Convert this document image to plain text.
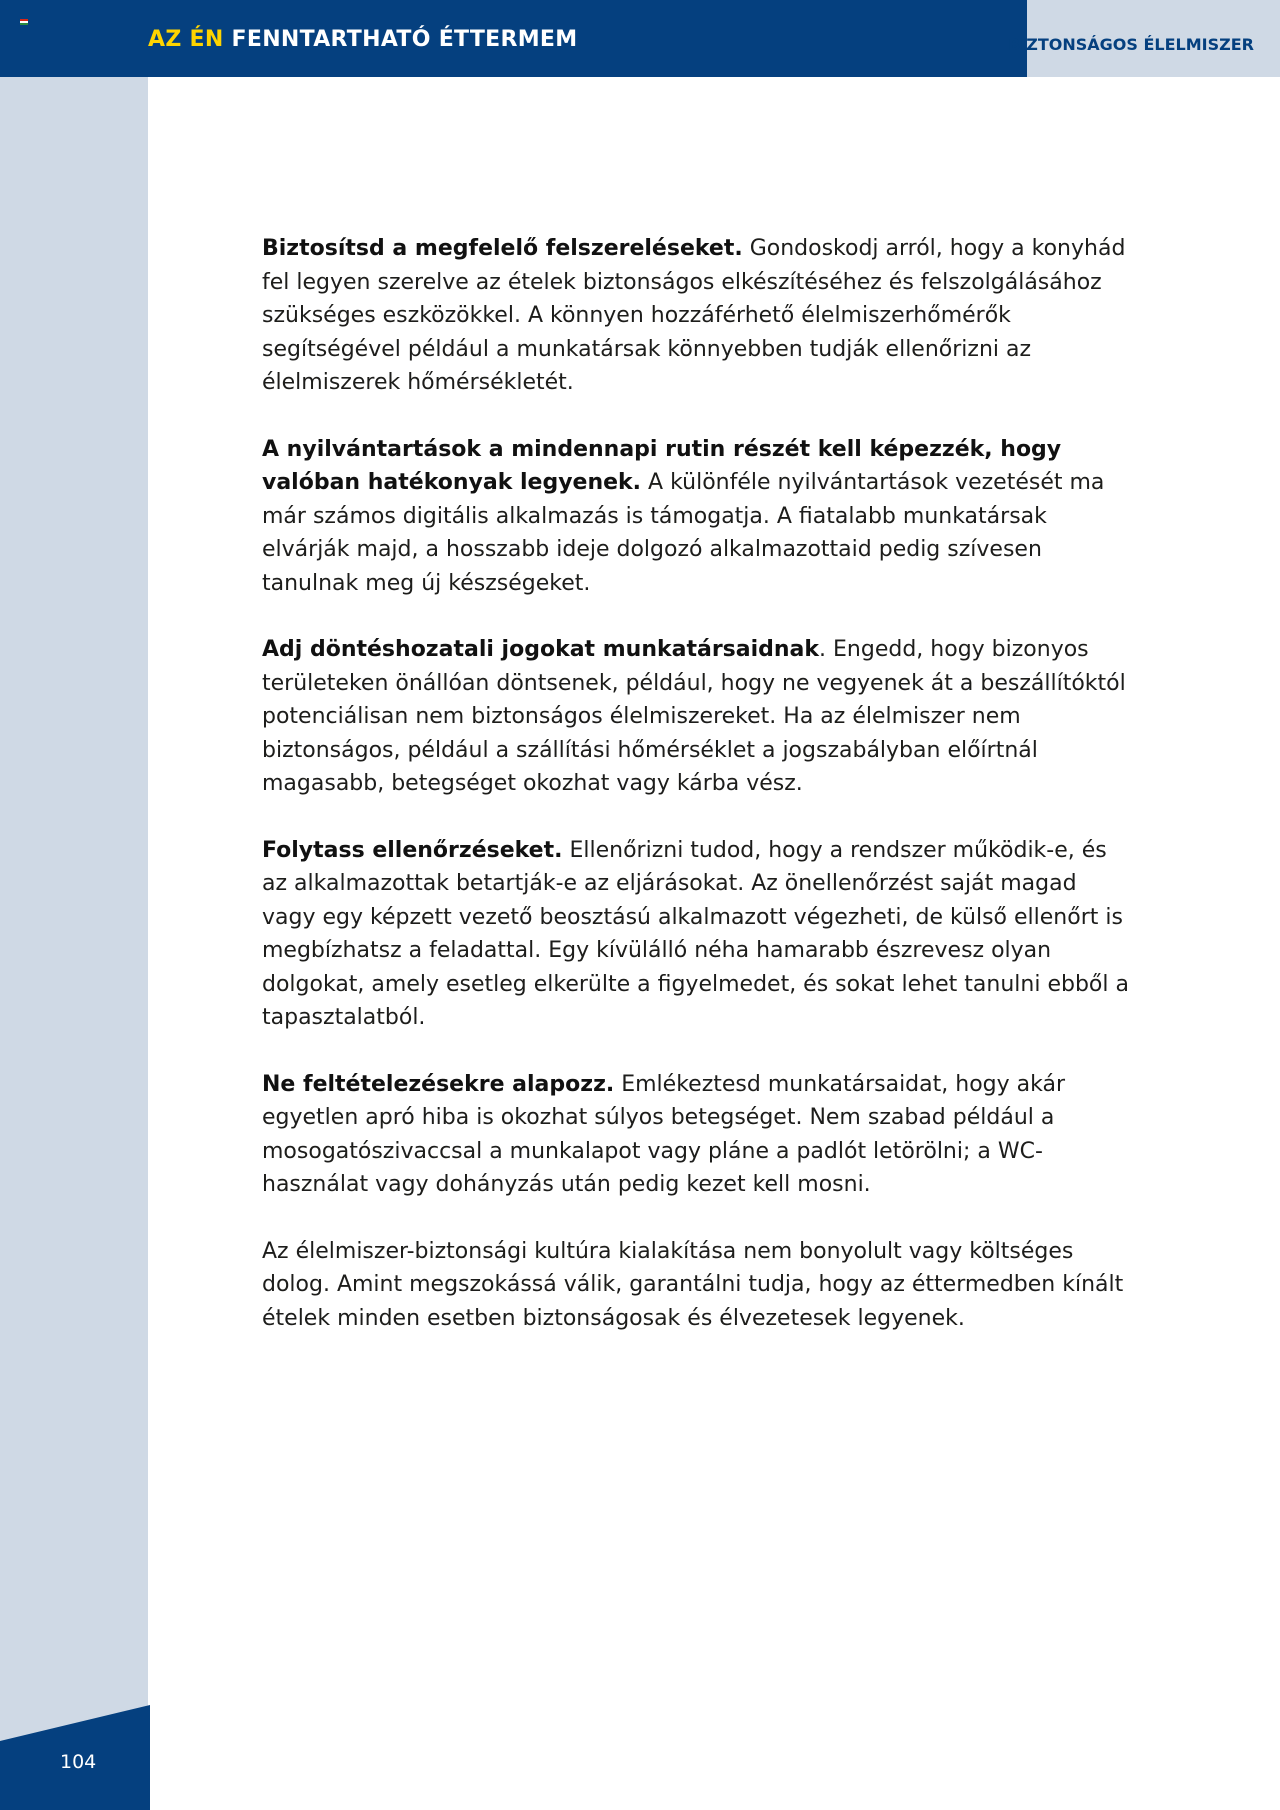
AZ ÉN FENNTARTHATÓ ÉTTERMEM	BIZTONSÁGOS ÉLELMISZER
104

Biztosítsd a megfelelő felszereléseket. Gondoskodj arról, hogy a konyhád fel legyen szerelve az ételek biztonságos elkészítéséhez és felszolgálásához szükséges eszközökkel. A könnyen hozzáférhető élelmiszerhőmérők segítségével például a munkatársak könnyebben tudják ellenőrizni az élelmiszerek hőmérsékletét.

A nyilvántartások a mindennapi rutin részét kell képezzék, hogy valóban hatékonyak legyenek. A különféle nyilvántartások vezetését ma már számos digitális alkalmazás is támogatja. A fiatalabb munkatársak elvárják majd, a hosszabb ideje dolgozó alkalmazottaid pedig szívesen tanulnak meg új készségeket.

Adj döntéshozatali jogokat munkatársaidnak. Engedd, hogy bizonyos területeken önállóan döntsenek, például, hogy ne vegyenek át a beszállítóktól potenciálisan nem biztonságos élelmiszereket. Ha az élelmiszer nem biztonságos, például a szállítási hőmérséklet a jogszabályban előírtnál magasabb, betegséget okozhat vagy kárba vész.

Folytass ellenőrzéseket. Ellenőrizni tudod, hogy a rendszer működik-e, és az alkalmazottak betartják-e az eljárásokat. Az önellenőrzést saját magad vagy egy képzett vezető beosztású alkalmazott végezheti, de külső ellenőrt is megbízhatsz a feladattal. Egy kívülálló néha hamarabb észrevesz olyan dolgokat, amely esetleg elkerülte a figyelmedet, és sokat lehet tanulni ebből a tapasztalatból.

Ne feltételezésekre alapozz. Emlékeztesd munkatársaidat, hogy akár egyetlen apró hiba is okozhat súlyos betegséget. Nem szabad például a mosogatószivaccsal a munkalapot vagy pláne a padlót letörölni; a WC-használat vagy dohányzás után pedig kezet kell mosni.

Az élelmiszer-biztonsági kultúra kialakítása nem bonyolult vagy költséges dolog. Amint megszokássá válik, garantálni tudja, hogy az éttermedben kínált ételek minden esetben biztonságosak és élvezetesek legyenek.
